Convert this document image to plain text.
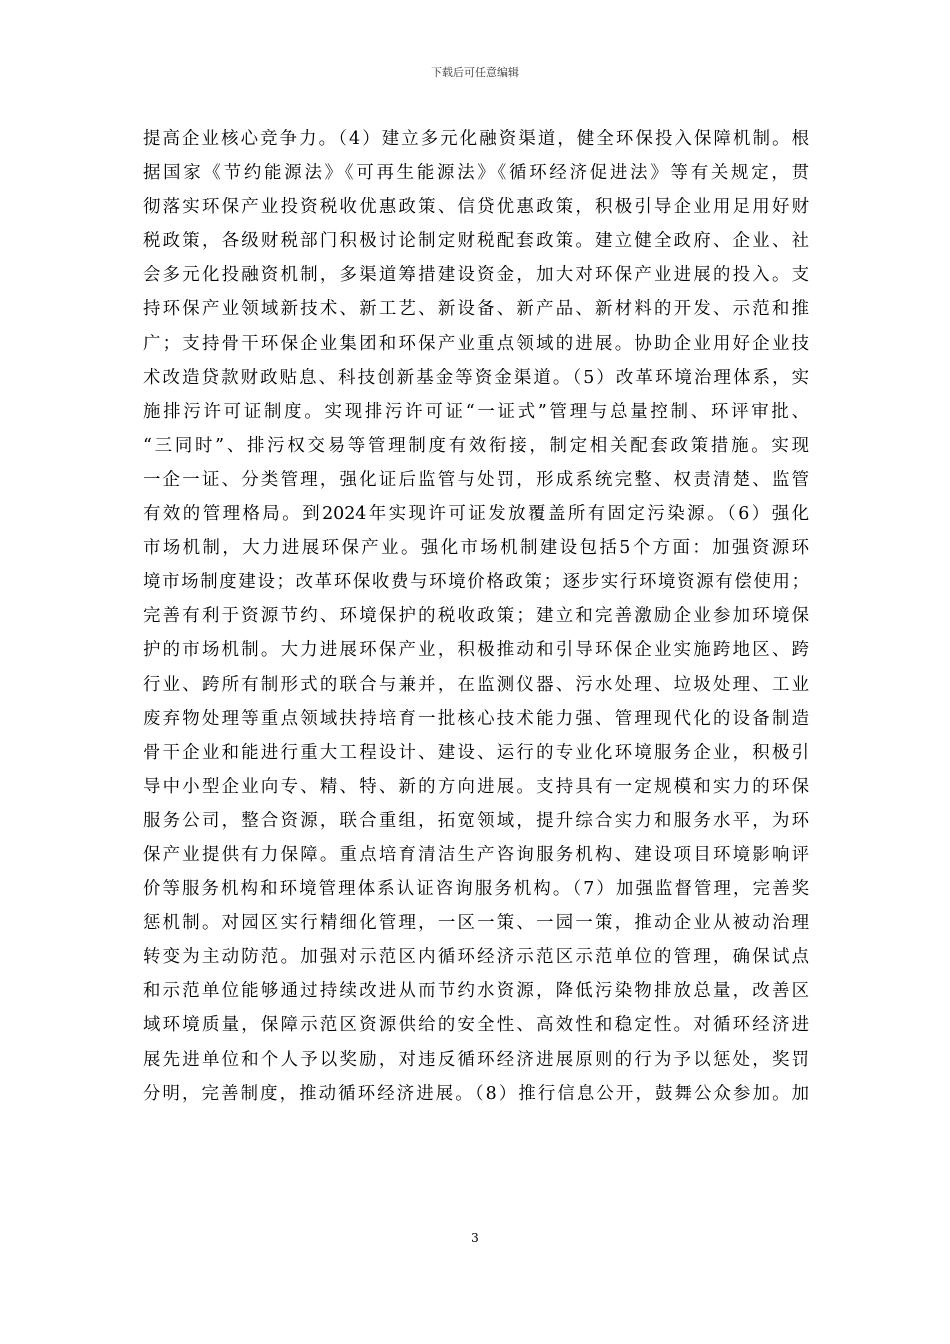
下载后可任意编辑
提高企业核心竞争力。（4）建立多元化融资渠道，健全环保投入保障机制。根
据国家《节约能源法》《可再生能源法》《循环经济促进法》等有关规定，贯
彻落实环保产业投资税收优惠政策、信贷优惠政策，积极引导企业用足用好财
税政策，各级财税部门积极讨论制定财税配套政策。建立健全政府、企业、社
会多元化投融资机制，多渠道筹措建设资金，加大对环保产业进展的投入。支
持环保产业领域新技术、新工艺、新设备、新产品、新材料的开发、示范和推
广；支持骨干环保企业集团和环保产业重点领域的进展。协助企业用好企业技
术改造贷款财政贴息、科技创新基金等资金渠道。（5）改革环境治理体系，实
施排污许可证制度。实现排污许可证“一证式”管理与总量控制、环评审批、
“三同时”、排污权交易等管理制度有效衔接，制定相关配套政策措施。实现
一企一证、分类管理，强化证后监管与处罚，形成系统完整、权责清楚、监管
有效的管理格局。到2024年实现许可证发放覆盖所有固定污染源。（6）强化
市场机制，大力进展环保产业。强化市场机制建设包括5个方面：加强资源环
境市场制度建设；改革环保收费与环境价格政策；逐步实行环境资源有偿使用；
完善有利于资源节约、环境保护的税收政策；建立和完善激励企业参加环境保
护的市场机制。大力进展环保产业，积极推动和引导环保企业实施跨地区、跨
行业、跨所有制形式的联合与兼并，在监测仪器、污水处理、垃圾处理、工业
废弃物处理等重点领域扶持培育一批核心技术能力强、管理现代化的设备制造
骨干企业和能进行重大工程设计、建设、运行的专业化环境服务企业，积极引
导中小型企业向专、精、特、新的方向进展。支持具有一定规模和实力的环保
服务公司，整合资源，联合重组，拓宽领域，提升综合实力和服务水平，为环
保产业提供有力保障。重点培育清洁生产咨询服务机构、建设项目环境影响评
价等服务机构和环境管理体系认证咨询服务机构。（7）加强监督管理，完善奖
惩机制。对园区实行精细化管理，一区一策、一园一策，推动企业从被动治理
转变为主动防范。加强对示范区内循环经济示范区示范单位的管理，确保试点
和示范单位能够通过持续改进从而节约水资源，降低污染物排放总量，改善区
域环境质量，保障示范区资源供给的安全性、高效性和稳定性。对循环经济进
展先进单位和个人予以奖励，对违反循环经济进展原则的行为予以惩处，奖罚
分明，完善制度，推动循环经济进展。（8）推行信息公开，鼓舞公众参加。加
3
